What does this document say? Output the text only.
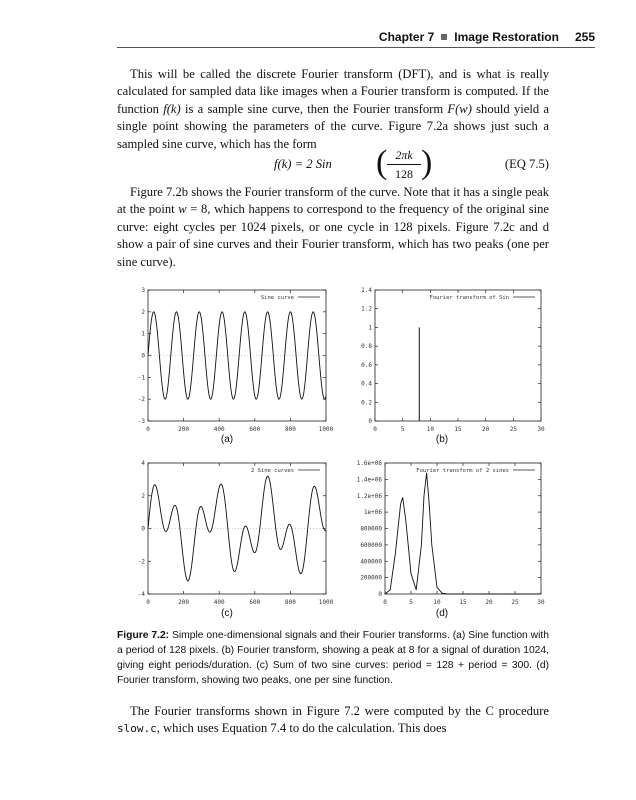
Chapter 7 Image Restoration 255

This will be called the discrete Fourier transform (DFT), and is what is really calculated for sampled data like images when a Fourier transform is computed. If the function f(k) is a sample sine curve, then the Fourier transform F(w) should yield a single point showing the parameters of the curve. Figure 7.2a shows just such a sampled sine curve, which has the form

f(k) = 2 Sin ( $\frac{2\pi k}{128}$ )	(EQ 7.5)

Figure 7.2b shows the Fourier transform of the curve. Note that it has a single peak at the point w = 8, which happens to correspond to the frequency of the original sine curve: eight cycles per 1024 pixels, or one cycle in 128 pixels. Figure 7.2c and d show a pair of sine curves and their Fourier transform, which has two peaks (one per sine curve).

0	200	400	600	800	1000
3
2
1
0
-1
-2
-3
Sine curve
0	5	10	15	20	25	30
1.4
1.2
1
0.8
0.6
0.4
0.2
0
Fourier transform of Sin
0	200	400	600	800	1000
4
2
0
-2
-4
2 Sine curves
0	5	10	15	20	25	30
1.6e+06
1.4e+06
1.2e+06
1e+06
800000
600000
400000
200000
0
Fourier transform of 2 sines
(a)	(b)
(c)	(d)
Figure 7.2: Simple one-dimensional signals and their Fourier transforms. (a) Sine function with a period of 128 pixels. (b) Fourier transform, showing a peak at 8 for a signal of duration 1024, giving eight periods/duration. (c) Sum of two sine curves: period = 128 + period = 300. (d) Fourier transform, showing two peaks, one per sine function.

The Fourier transforms shown in Figure 7.2 were computed by the C procedure slow.c, which uses Equation 7.4 to do the calculation. This does
